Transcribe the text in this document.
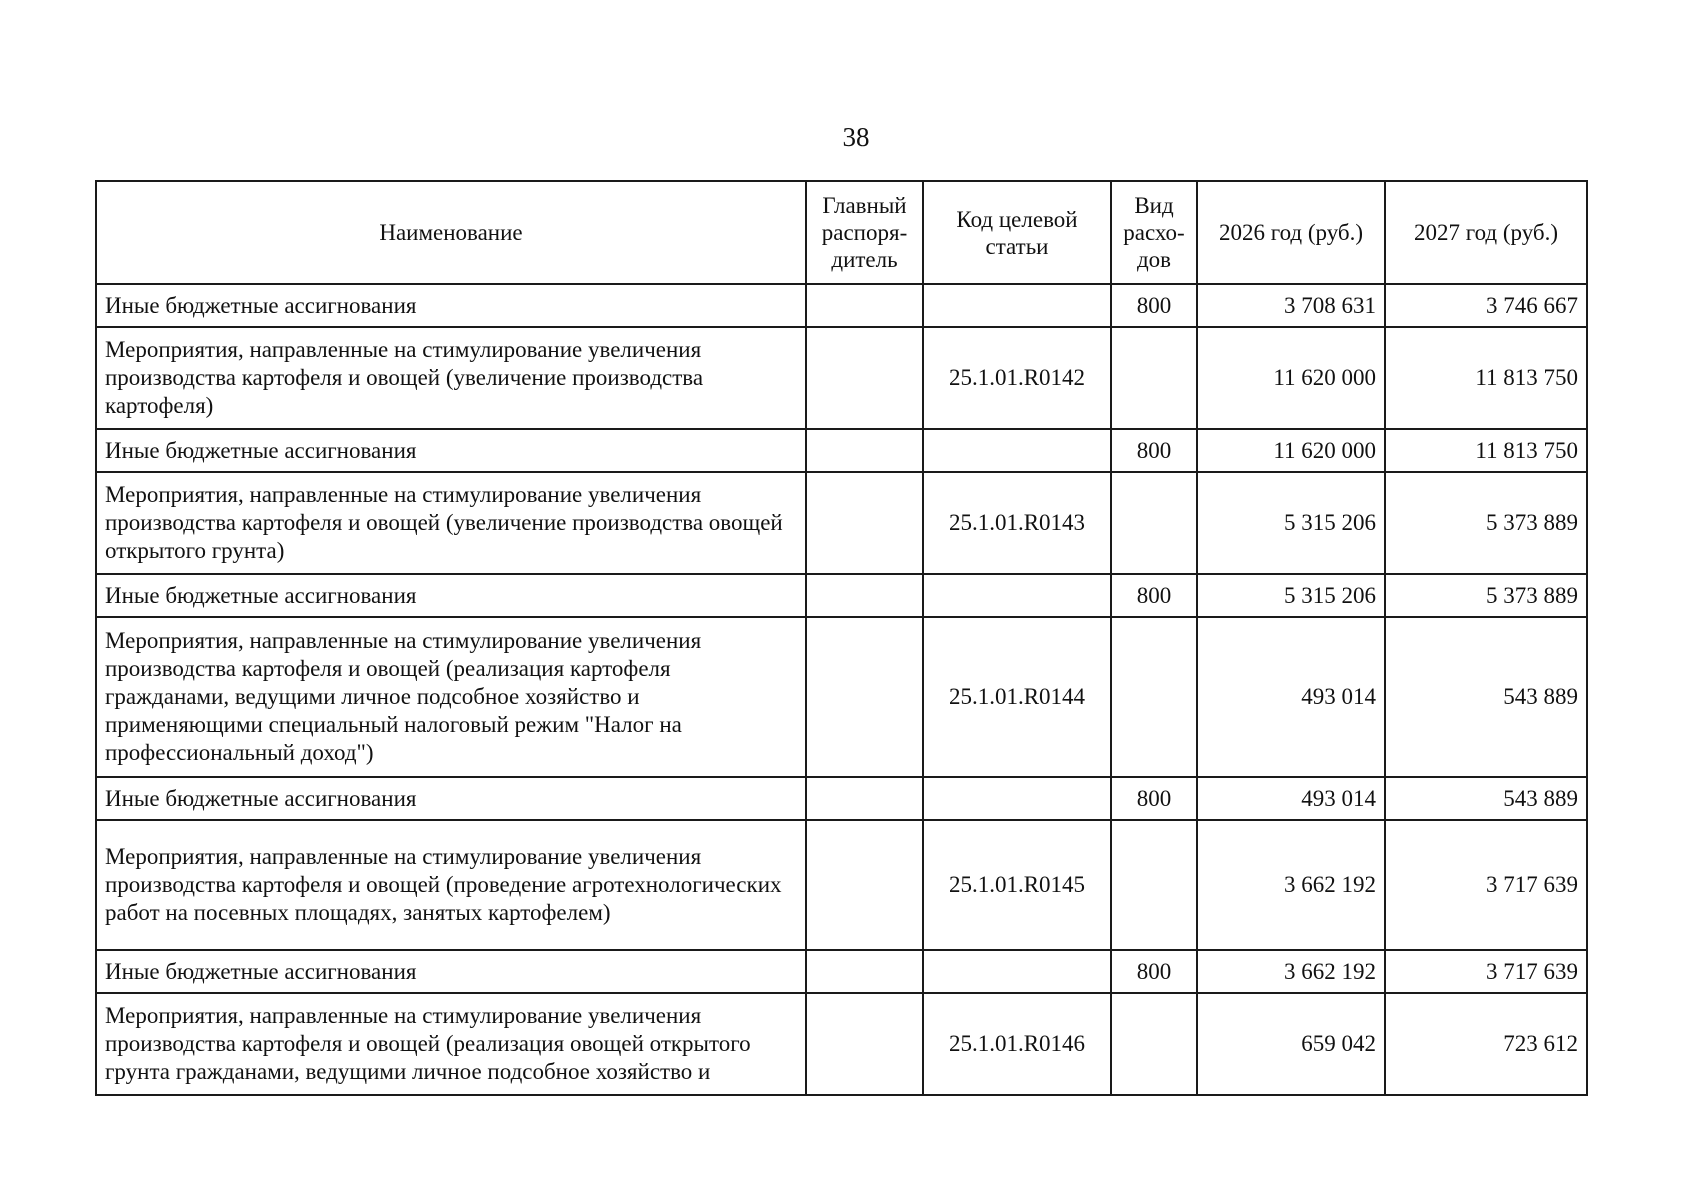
38
Наименование	Главный распоря-дитель	Код целевой статьи	Вид расхо-дов	2026 год (руб.)	2027 год (руб.)
Иные бюджетные ассигнования			800	3 708 631	3 746 667
Мероприятия, направленные на стимулирование увеличения производства картофеля и овощей (увеличение производства картофеля)		25.1.01.R0142		11 620 000	11 813 750
Иные бюджетные ассигнования			800	11 620 000	11 813 750
Мероприятия, направленные на стимулирование увеличения производства картофеля и овощей (увеличение производства овощей открытого грунта)		25.1.01.R0143		5 315 206	5 373 889
Иные бюджетные ассигнования			800	5 315 206	5 373 889
Мероприятия, направленные на стимулирование увеличения производства картофеля и овощей (реализация картофеля гражданами, ведущими личное подсобное хозяйство и применяющими специальный налоговый режим "Налог на профессиональный доход")		25.1.01.R0144		493 014	543 889
Иные бюджетные ассигнования			800	493 014	543 889
Мероприятия, направленные на стимулирование увеличения производства картофеля и овощей (проведение агротехнологических работ на посевных площадях, занятых картофелем)		25.1.01.R0145		3 662 192	3 717 639
Иные бюджетные ассигнования			800	3 662 192	3 717 639
Мероприятия, направленные на стимулирование увеличения производства картофеля и овощей (реализация овощей открытого грунта гражданами, ведущими личное подсобное хозяйство и		25.1.01.R0146		659 042	723 612
